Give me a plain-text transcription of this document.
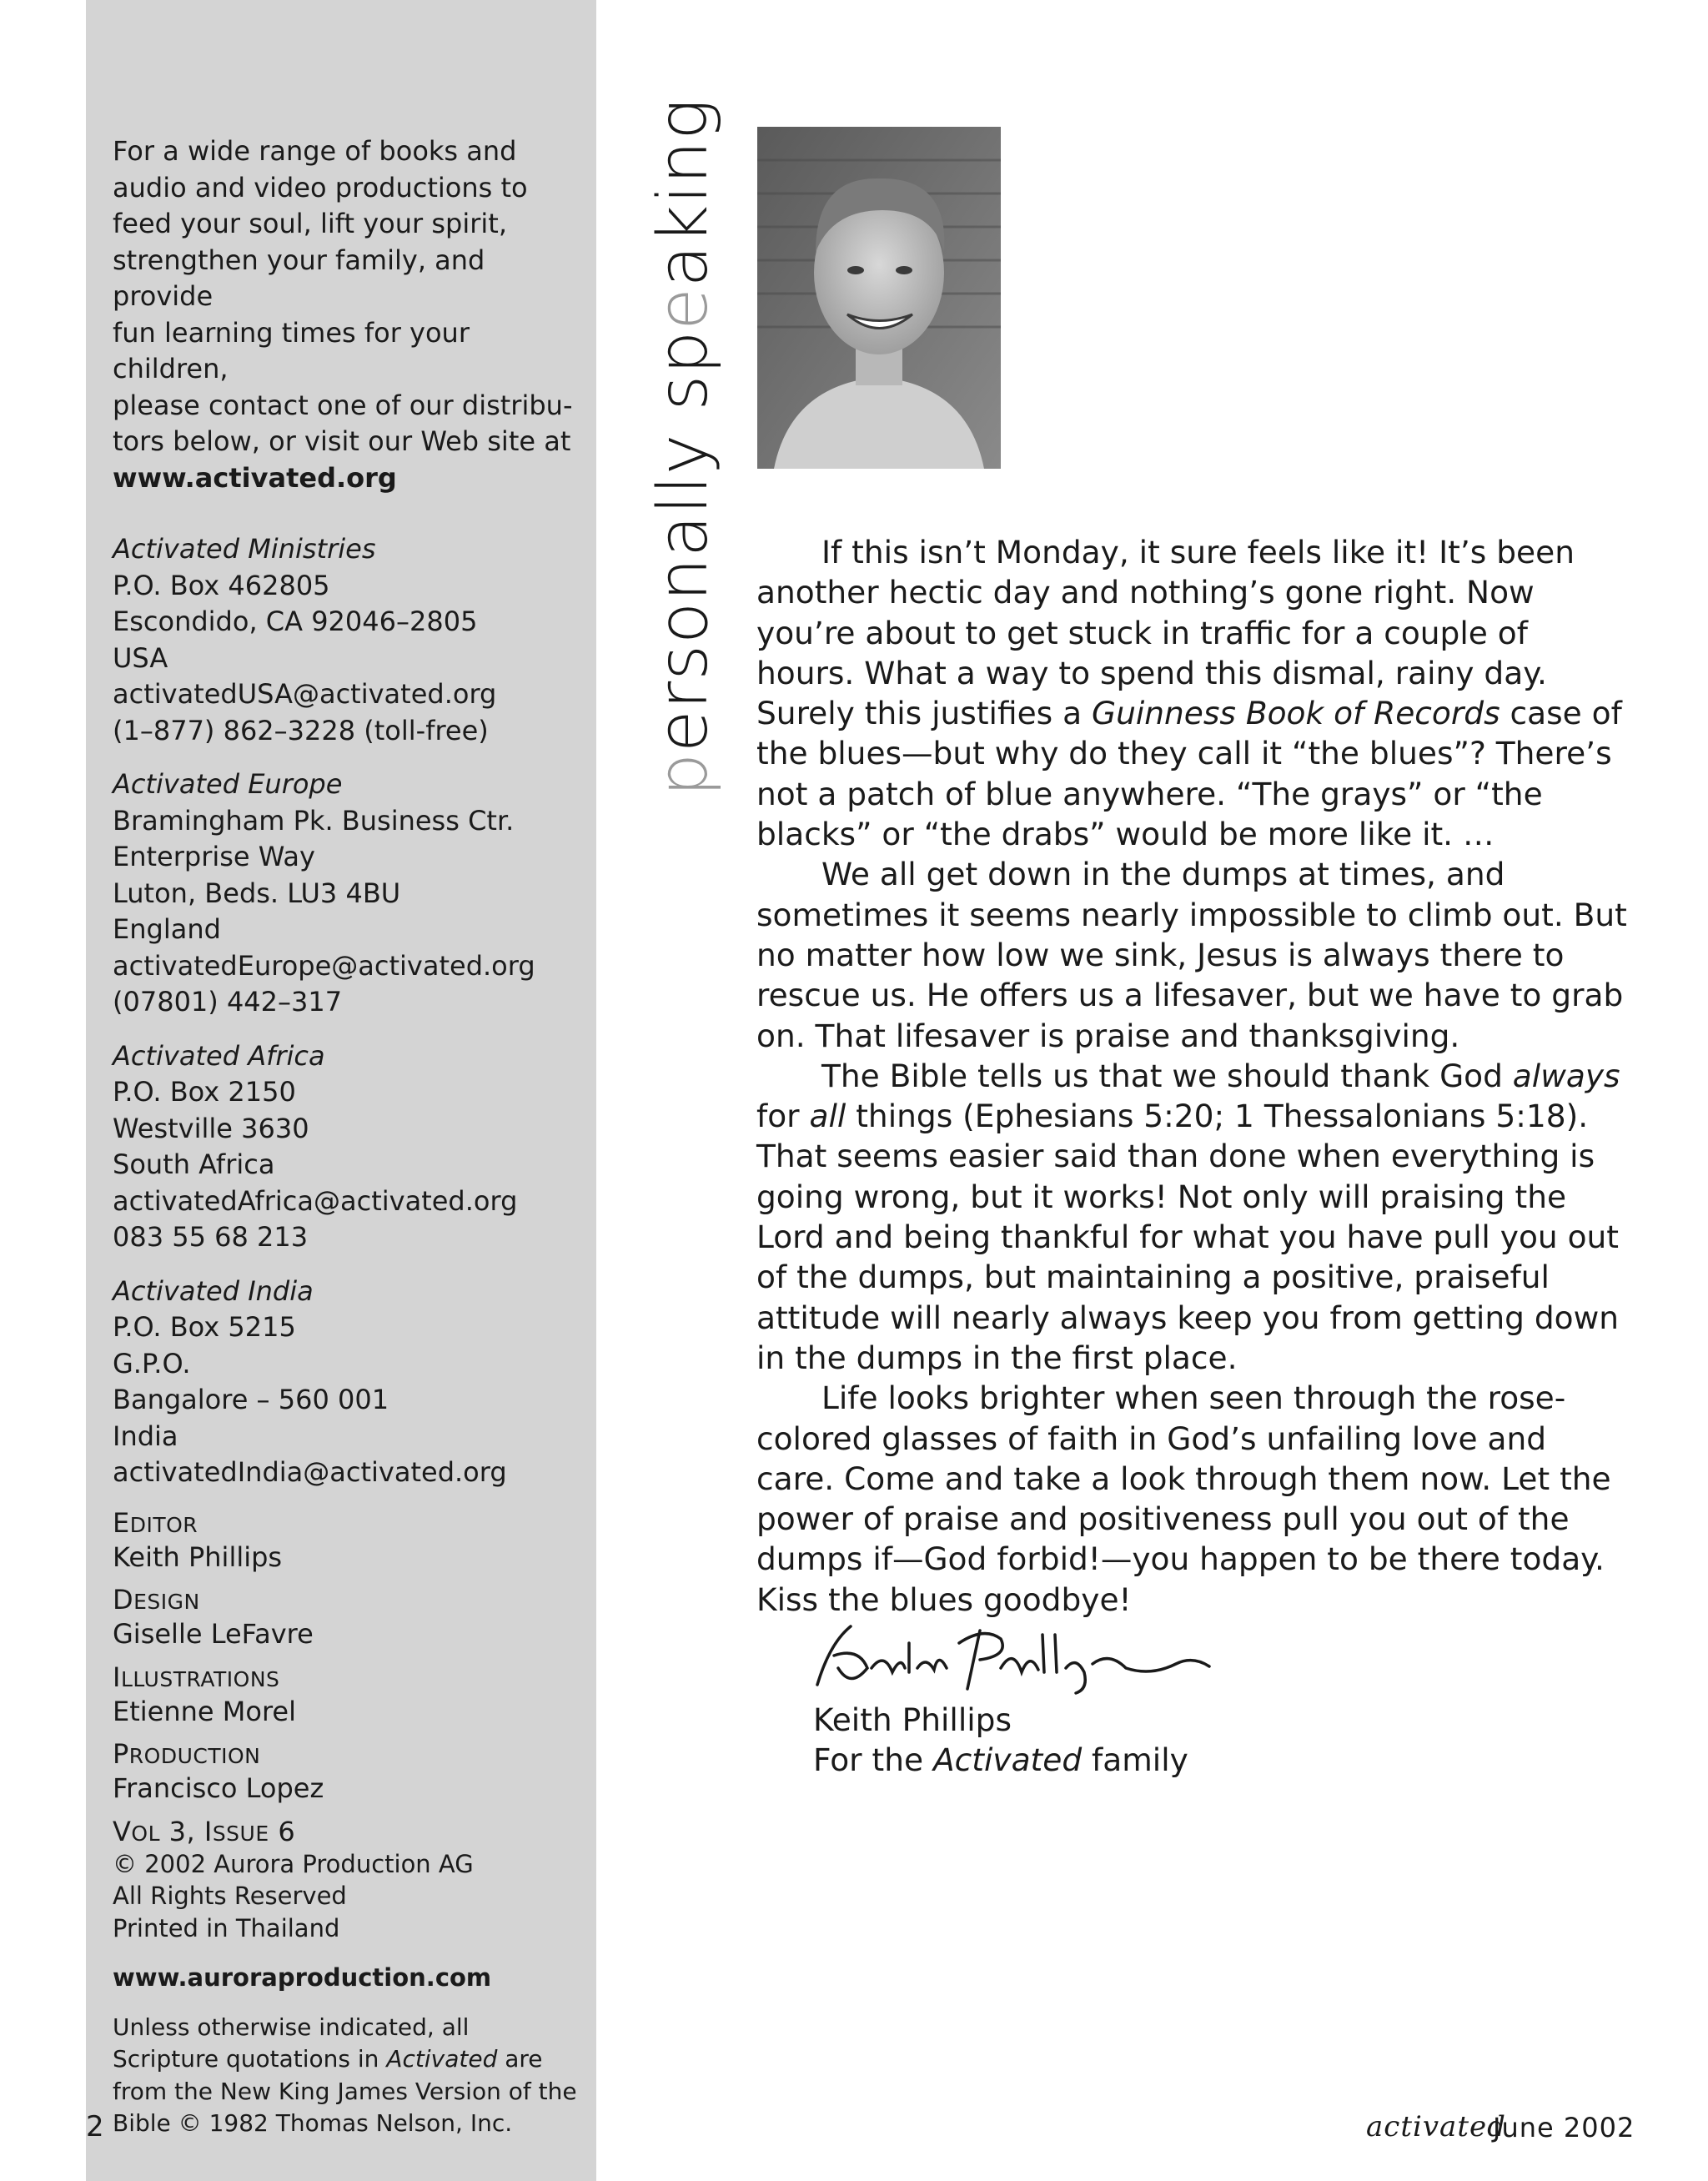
For a wide range of books and

audio and video productions to

feed your soul, lift your spirit,

strengthen your family, and provide

fun learning times for your children,

please contact one of our distribu-

tors below, or visit our Web site at

www.activated.org

Activated Ministries

P.O. Box 462805

Escondido, CA 92046–2805

USA

activatedUSA@activated.org

(1–877) 862–3228 (toll-free)

Activated Europe

Bramingham Pk. Business Ctr.

Enterprise Way

Luton, Beds. LU3 4BU

England

activatedEurope@activated.org

(07801) 442–317

Activated Africa

P.O. Box 2150

Westville 3630

South Africa

activatedAfrica@activated.org

083 55 68 213

Activated India

P.O. Box 5215

G.P.O.

Bangalore – 560 001

India

activatedIndia@activated.org

EDITOR

Keith Phillips

DESIGN

Giselle LeFavre

ILLUSTRATIONS

Etienne Morel

PRODUCTION

Francisco Lopez

VOL 3, ISSUE 6

© 2002 Aurora Production AG

All Rights Reserved

Printed in Thailand

www.auroraproduction.com

Unless otherwise indicated, all

Scripture quotations in Activated are

from the New King James Version of the

Bible © 1982 Thomas Nelson, Inc.

personally speaking

If this isn’t Monday, it sure feels like it! It’s been another hectic day and nothing’s gone right. Now you’re about to get stuck in traffic for a couple of hours. What a way to spend this dismal, rainy day. Surely this justifies a Guinness Book of Records case of the blues—but why do they call it “the blues”? There’s not a patch of blue anywhere. “The grays” or “the blacks” or “the drabs” would be more like it. …

We all get down in the dumps at times, and sometimes it seems nearly impossible to climb out. But no matter how low we sink, Jesus is always there to rescue us. He offers us a lifesaver, but we have to grab on. That lifesaver is praise and thanksgiving.

The Bible tells us that we should thank God always for all things (Ephesians 5:20; 1 Thessalonians 5:18). That seems easier said than done when everything is going wrong, but it works! Not only will praising the Lord and being thankful for what you have pull you out of the dumps, but maintaining a positive, praiseful attitude will nearly always keep you from getting down in the dumps in the first place.

Life looks brighter when seen through the rose-colored glasses of faith in God’s unfailing love and care. Come and take a look through them now. Let the power of praise and positiveness pull you out of the dumps if—God forbid!—you happen to be there today. Kiss the blues goodbye!

Keith Phillips
For the Activated family
2	activated
June 2002
